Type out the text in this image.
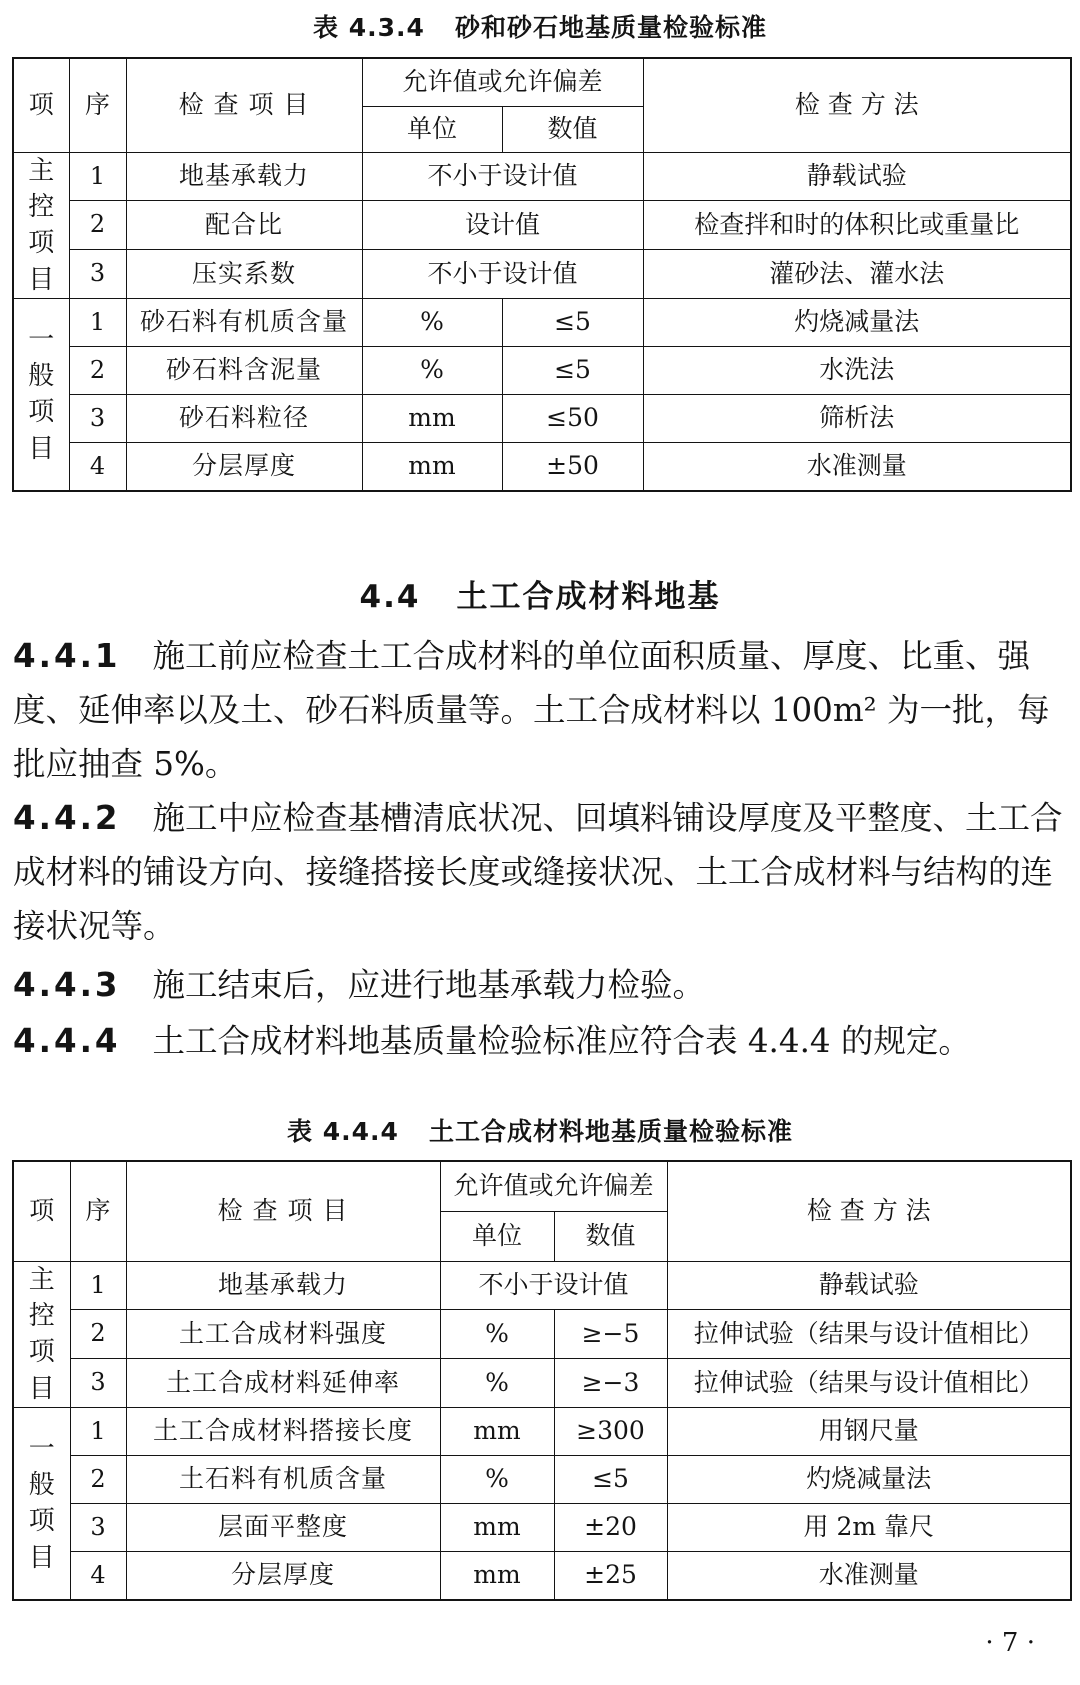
表 4.3.4 砂和砂石地基质量检验标准
项	序	检 查 项 目	允许值或允许偏差		检 查 方 法
			单位	数值	

主
控
项
目	1	地基承载力	不小于设计值		静载试验
	2	配合比	设计值		检查拌和时的体积比或重量比
	3	压实系数	不小于设计值		灌砂法、灌水法

一
般
项
目	1	砂石料有机质含量	%	≤5	灼烧减量法
	2	砂石料含泥量	%	≤5	水洗法
	3	砂石料粒径	mm	≤50	筛析法
	4	分层厚度	mm	±50	水准测量
4.4 土工合成材料地基
4.4.1 施工前应检查土工合成材料的单位面积质量、厚度、比重、强度、延伸率以及土、砂石料质量等。土工合成材料以 100m² 为一批，每批应抽查 5%。
4.4.2 施工中应检查基槽清底状况、回填料铺设厚度及平整度、土工合成材料的铺设方向、接缝搭接长度或缝接状况、土工合成材料与结构的连接状况等。
4.4.3 施工结束后，应进行地基承载力检验。
4.4.4 土工合成材料地基质量检验标准应符合表 4.4.4 的规定。
表 4.4.4 土工合成材料地基质量检验标准
项	序	检 查 项 目	允许值或允许偏差		检 查 方 法
			单位	数值	

主
控
项
目	1	地基承载力	不小于设计值		静载试验
	2	土工合成材料强度	%	≥−5	拉伸试验（结果与设计值相比）
	3	土工合成材料延伸率	%	≥−3	拉伸试验（结果与设计值相比）

一
般
项
目	1	土工合成材料搭接长度	mm	≥300	用钢尺量
	2	土石料有机质含量	%	≤5	灼烧减量法
	3	层面平整度	mm	±20	用 2m 靠尺
	4	分层厚度	mm	±25	水准测量
· 7 ·
